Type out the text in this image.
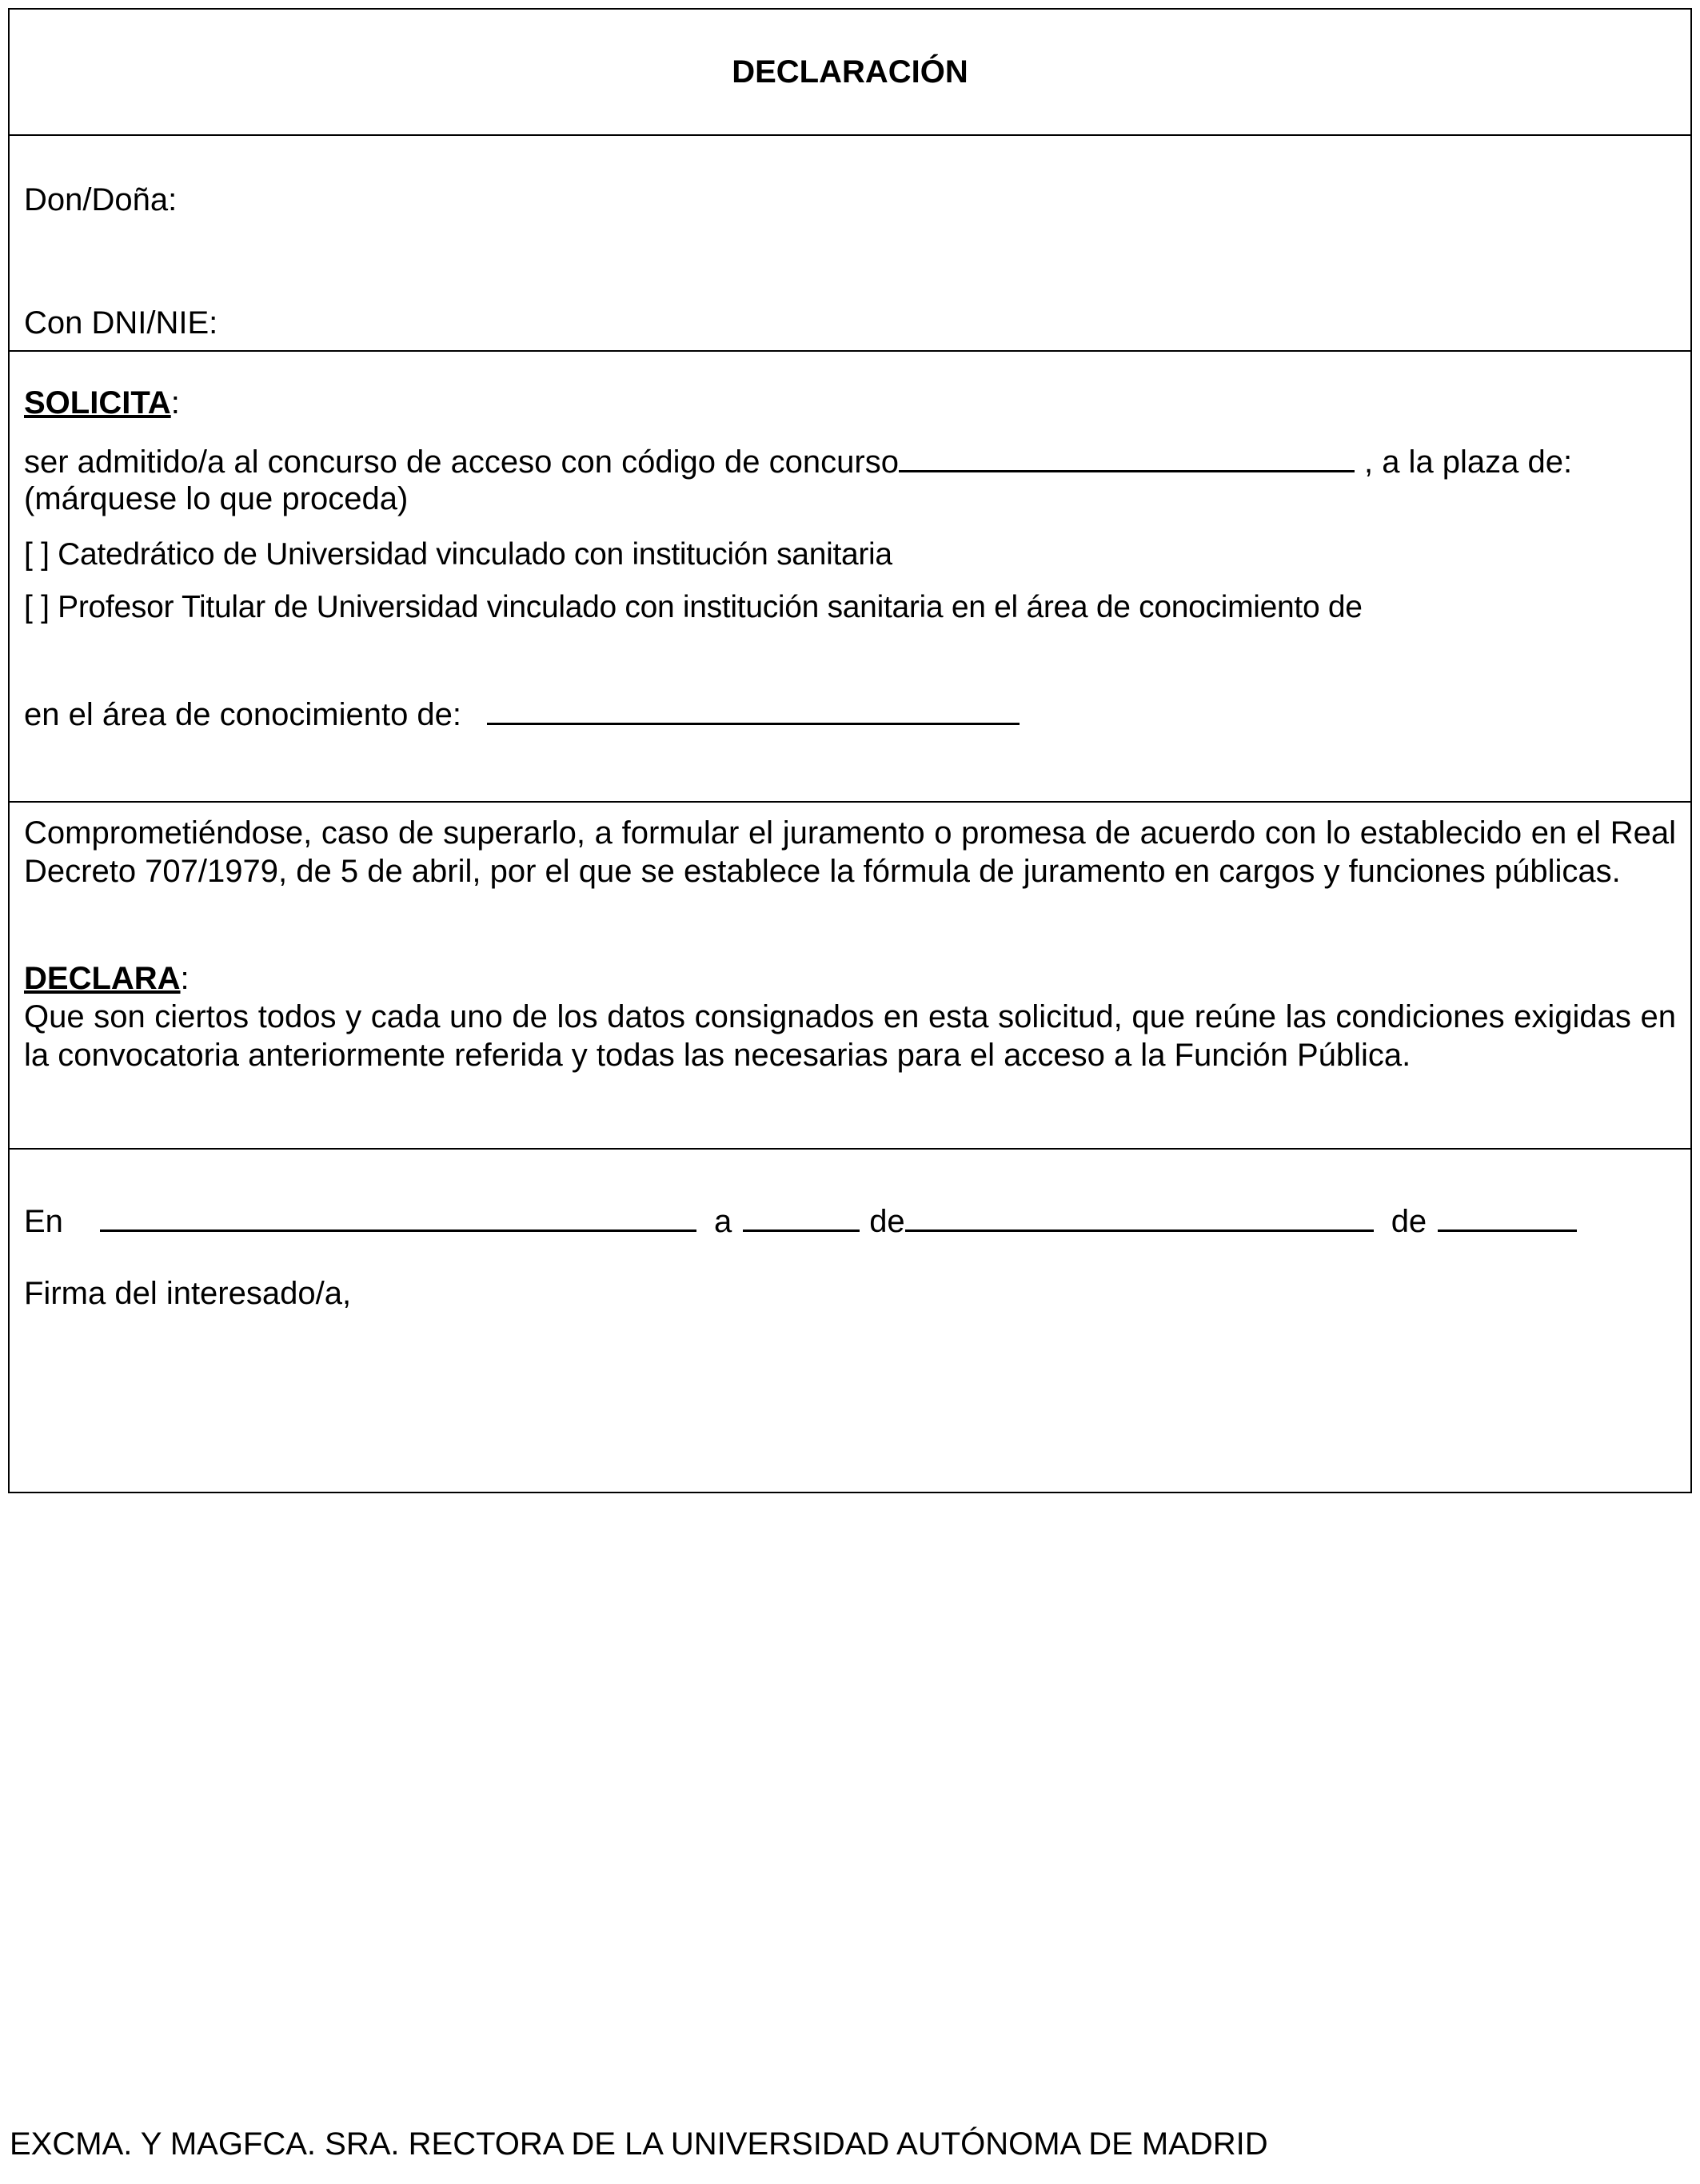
DECLARACIÓN
Don/Doña:
Con DNI/NIE:
SOLICITA:
ser admitido/a al concurso de acceso con código de concurso	, a la plaza de:
(márquese lo que proceda)
[ ] Catedrático de Universidad vinculado con institución sanitaria
[ ] Profesor Titular de Universidad vinculado con institución sanitaria en el área de conocimiento de
en el área de conocimiento de:
Comprometiéndose, caso de superarlo, a formular el juramento o promesa de acuerdo con lo establecido en el Real Decreto 707/1979, de 5 de abril, por el que se establece la fórmula de juramento en cargos y funciones públicas.
DECLARA:
Que son ciertos todos y cada uno de los datos consignados en esta solicitud, que reúne las condiciones exigidas en la convocatoria anteriormente referida y todas las necesarias para el acceso a la Función Pública.
En	a	de	de
Firma del interesado/a,
EXCMA. Y MAGFCA. SRA. RECTORA DE LA UNIVERSIDAD AUTÓNOMA DE MADRID
